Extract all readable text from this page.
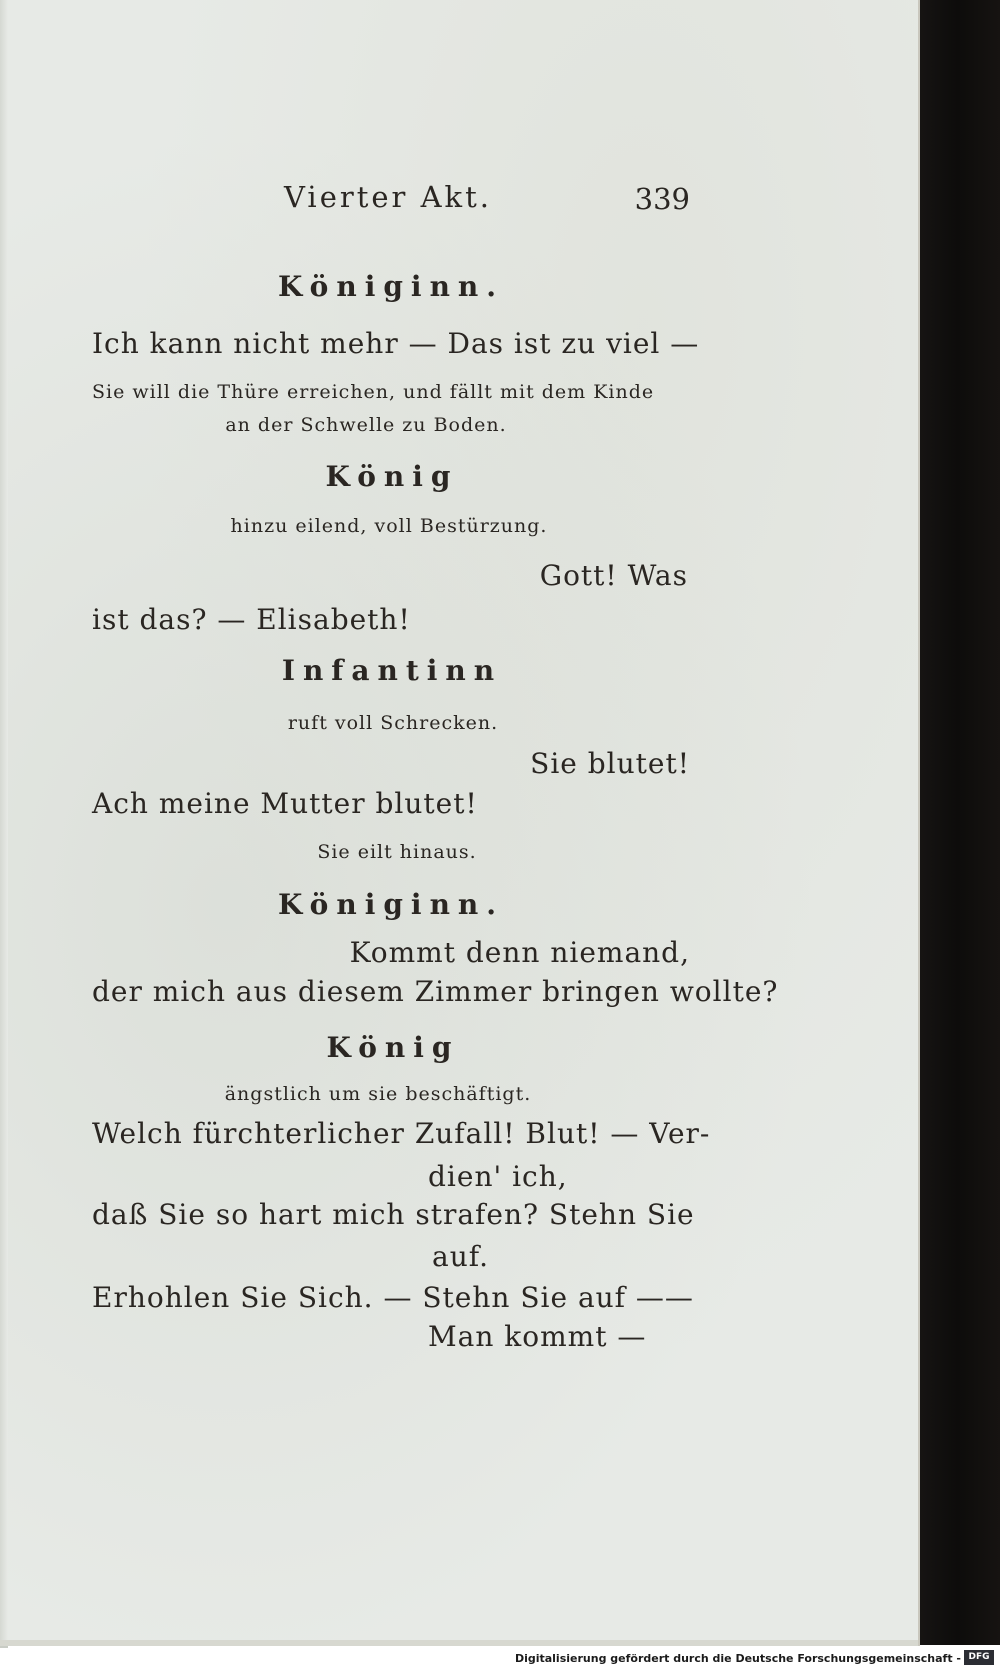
Vierter Akt.	339
Königinn.
Ich kann nicht mehr — Das ist zu viel —
Sie will die Thüre erreichen, und fällt mit dem Kinde
an der Schwelle zu Boden.
König
hinzu eilend, voll Bestürzung.
Gott! Was
ist das? — Elisabeth!
Infantinn
ruft voll Schrecken.
Sie blutet!
Ach meine Mutter blutet!
Sie eilt hinaus.
Königinn.
Kommt denn niemand,
der mich aus diesem Zimmer bringen wollte?
König
ängstlich um sie beschäftigt.
Welch fürchterlicher Zufall! Blut! — Ver-
dien' ich,
daß Sie so hart mich strafen? Stehn Sie
auf.
Erhohlen Sie Sich. — Stehn Sie auf ——
Man kommt —
Digitalisierung gefördert durch die Deutsche Forschungsgemeinschaft - DFG
